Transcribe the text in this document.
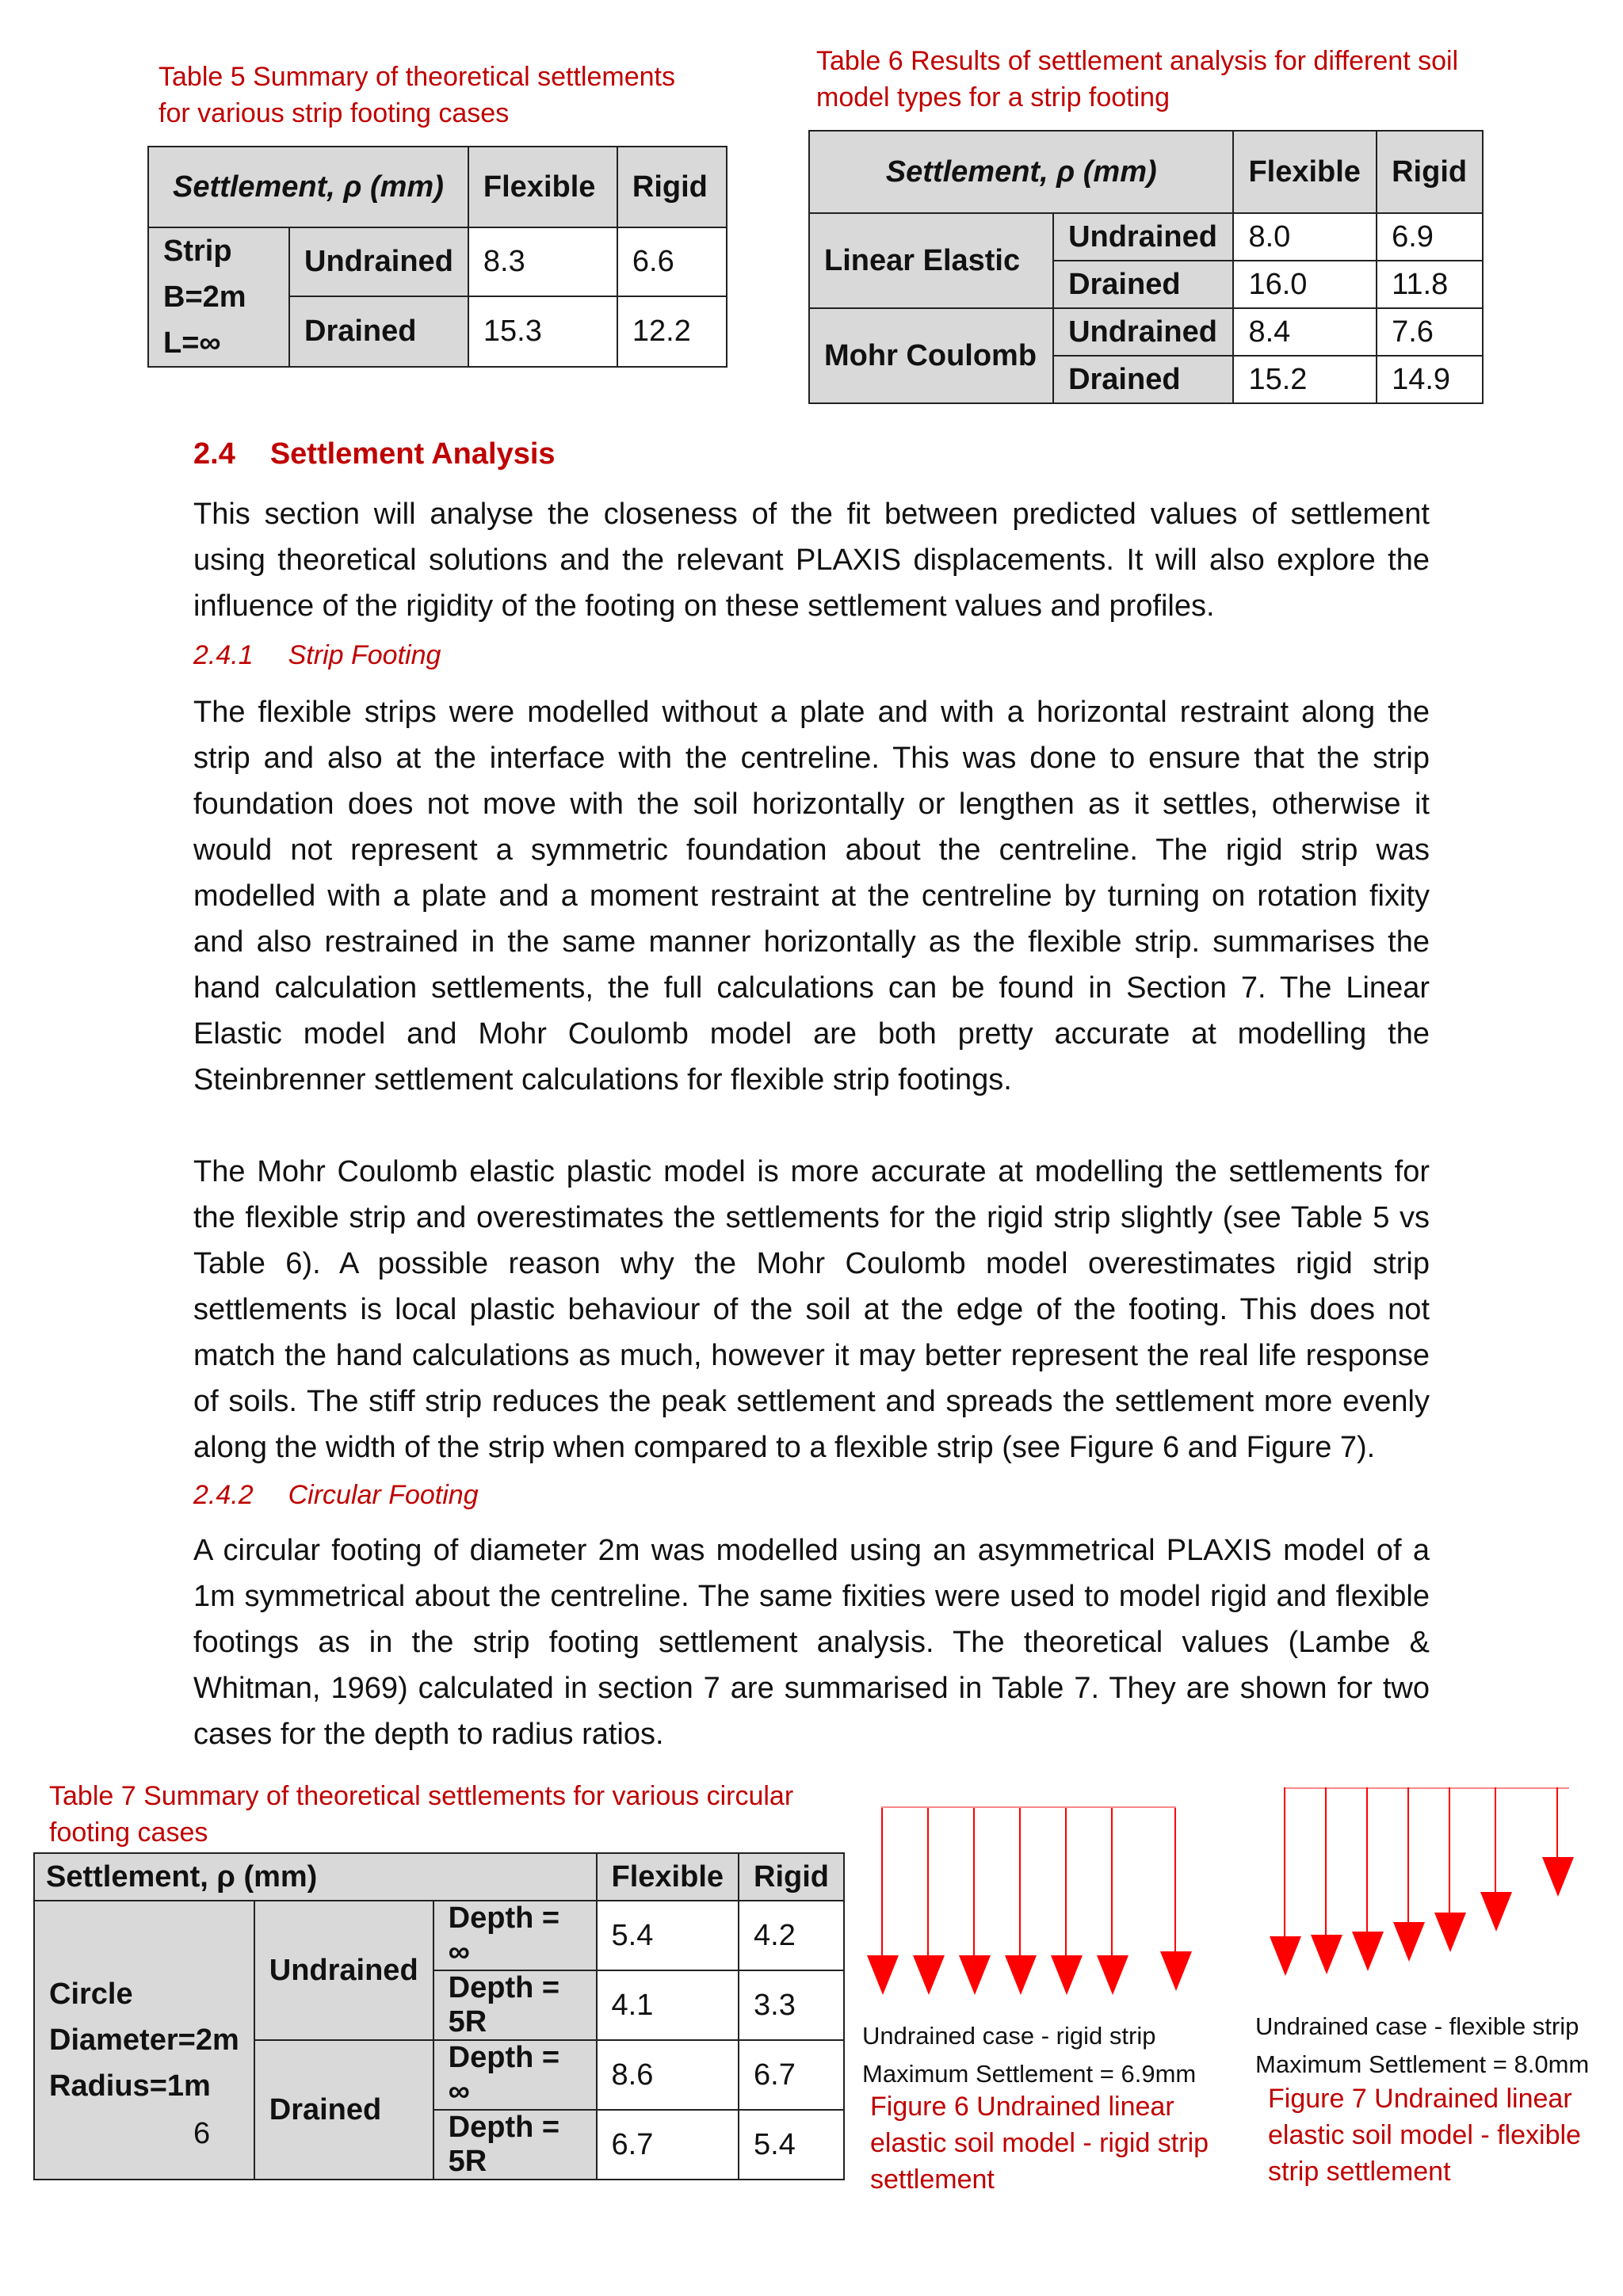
Table 5 Summary of theoretical settlements for various strip footing cases
Settlement, ρ (mm)		Flexible	Rigid
Strip
B=2m
L=∞	Undrained	8.3	6.6
	Drained	15.3	12.2
Table 6 Results of settlement analysis for different soil model types for a strip footing
Settlement, ρ (mm)		Flexible	Rigid
Linear Elastic	Undrained	8.0	6.9
	Drained	16.0	11.8
Mohr Coulomb	Undrained	8.4	7.6
	Drained	15.2	14.9
2.4 Settlement Analysis
This section will analyse the closeness of the fit between predicted values of settlement using theoretical solutions and the relevant PLAXIS displacements. It will also explore the influence of the rigidity of the footing on these settlement values and profiles.
2.4.1 Strip Footing
The flexible strips were modelled without a plate and with a horizontal restraint along the strip and also at the interface with the centreline. This was done to ensure that the strip foundation does not move with the soil horizontally or lengthen as it settles, otherwise it would not represent a symmetric foundation about the centreline. The rigid strip was modelled with a plate and a moment restraint at the centreline by turning on rotation fixity and also restrained in the same manner horizontally as the flexible strip. summarises the hand calculation settlements, the full calculations can be found in Section 7. The Linear Elastic model and Mohr Coulomb model are both pretty accurate at modelling the Steinbrenner settlement calculations for flexible strip footings.
The Mohr Coulomb elastic plastic model is more accurate at modelling the settlements for the flexible strip and overestimates the settlements for the rigid strip slightly (see Table 5 vs Table 6). A possible reason why the Mohr Coulomb model overestimates rigid strip settlements is local plastic behaviour of the soil at the edge of the footing. This does not match the hand calculations as much, however it may better represent the real life response of soils. The stiff strip reduces the peak settlement and spreads the settlement more evenly along the width of the strip when compared to a flexible strip (see Figure 6 and Figure 7).
2.4.2 Circular Footing
A circular footing of diameter 2m was modelled using an asymmetrical PLAXIS model of a 1m symmetrical about the centreline. The same fixities were used to model rigid and flexible footings as in the strip footing settlement analysis. The theoretical values (Lambe & Whitman, 1969) calculated in section 7 are summarised in Table 7. They are shown for two cases for the depth to radius ratios.
Table 7 Summary of theoretical settlements for various circular footing cases
Settlement, ρ (mm)			Flexible	Rigid
Circle
Diameter=2m
Radius=1m	Undrained	Depth = ∞	5.4	4.2
		Depth = 5R	4.1	3.3
	Drained	Depth = ∞	8.6	6.7
		Depth = 5R	6.7	5.4
6
Undrained case - rigid strip
Maximum Settlement = 6.9mm
Figure 6 Undrained linear elastic soil model - rigid strip settlement
Undrained case - flexible strip
Maximum Settlement = 8.0mm
Figure 7 Undrained linear elastic soil model - flexible strip settlement
